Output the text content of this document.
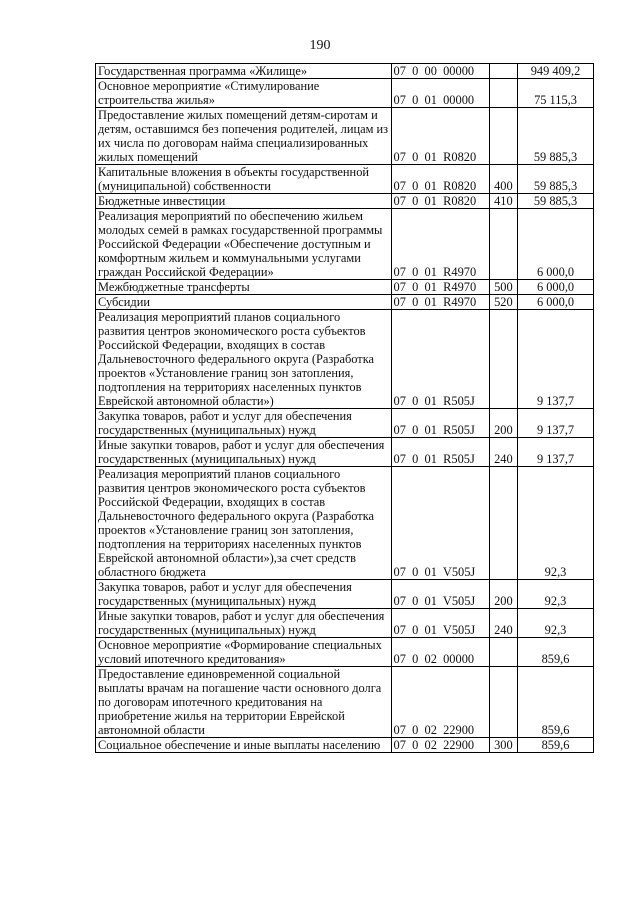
190
Государственная программа «Жилище»	07  0  00  00000		949 409,2
Основное мероприятие «Стимулирование строительства жилья»	07  0  01  00000		75 115,3
Предоставление жилых помещений детям-сиротам и детям, оставшимся без попечения родителей, лицам из их числа по договорам найма специализированных жилых помещений	07  0  01  R0820		59 885,3
Капитальные вложения в объекты государственной (муниципальной) собственности	07  0  01  R0820	400	59 885,3
Бюджетные инвестиции	07  0  01  R0820	410	59 885,3
Реализация мероприятий по обеспечению жильем молодых семей в рамках государственной программы Российской Федерации «Обеспечение доступным и комфортным жильем и коммунальными услугами граждан Российской Федерации»	07  0  01  R4970		6 000,0
Межбюджетные трансферты	07  0  01  R4970	500	6 000,0
Субсидии	07  0  01  R4970	520	6 000,0
Реализация мероприятий планов социального развития центров экономического роста субъектов Российской Федерации, входящих в состав Дальневосточного федерального округа (Разработка проектов «Установление границ зон затопления, подтопления на территориях населенных пунктов Еврейской автономной области»)	07  0  01  R505J		9 137,7
Закупка товаров, работ и услуг для обеспечения государственных (муниципальных) нужд	07  0  01  R505J	200	9 137,7
Иные закупки товаров, работ и услуг для обеспечения государственных (муниципальных) нужд	07  0  01  R505J	240	9 137,7
Реализация мероприятий планов социального развития центров экономического роста субъектов Российской Федерации, входящих в состав Дальневосточного федерального округа (Разработка проектов «Установление границ зон затопления, подтопления на территориях населенных пунктов Еврейской автономной области»),за счет средств областного бюджета	07  0  01  V505J		92,3
Закупка товаров, работ и услуг для обеспечения государственных (муниципальных) нужд	07  0  01  V505J	200	92,3
Иные закупки товаров, работ и услуг для обеспечения государственных (муниципальных) нужд	07  0  01  V505J	240	92,3
Основное мероприятие «Формирование специальных условий ипотечного кредитования»	07  0  02  00000		859,6
Предоставление единовременной социальной выплаты врачам на погашение части основного долга по договорам ипотечного кредитования на приобретение жилья на территории Еврейской автономной области	07  0  02  22900		859,6
Социальное обеспечение и иные выплаты населению	07  0  02  22900	300	859,6
